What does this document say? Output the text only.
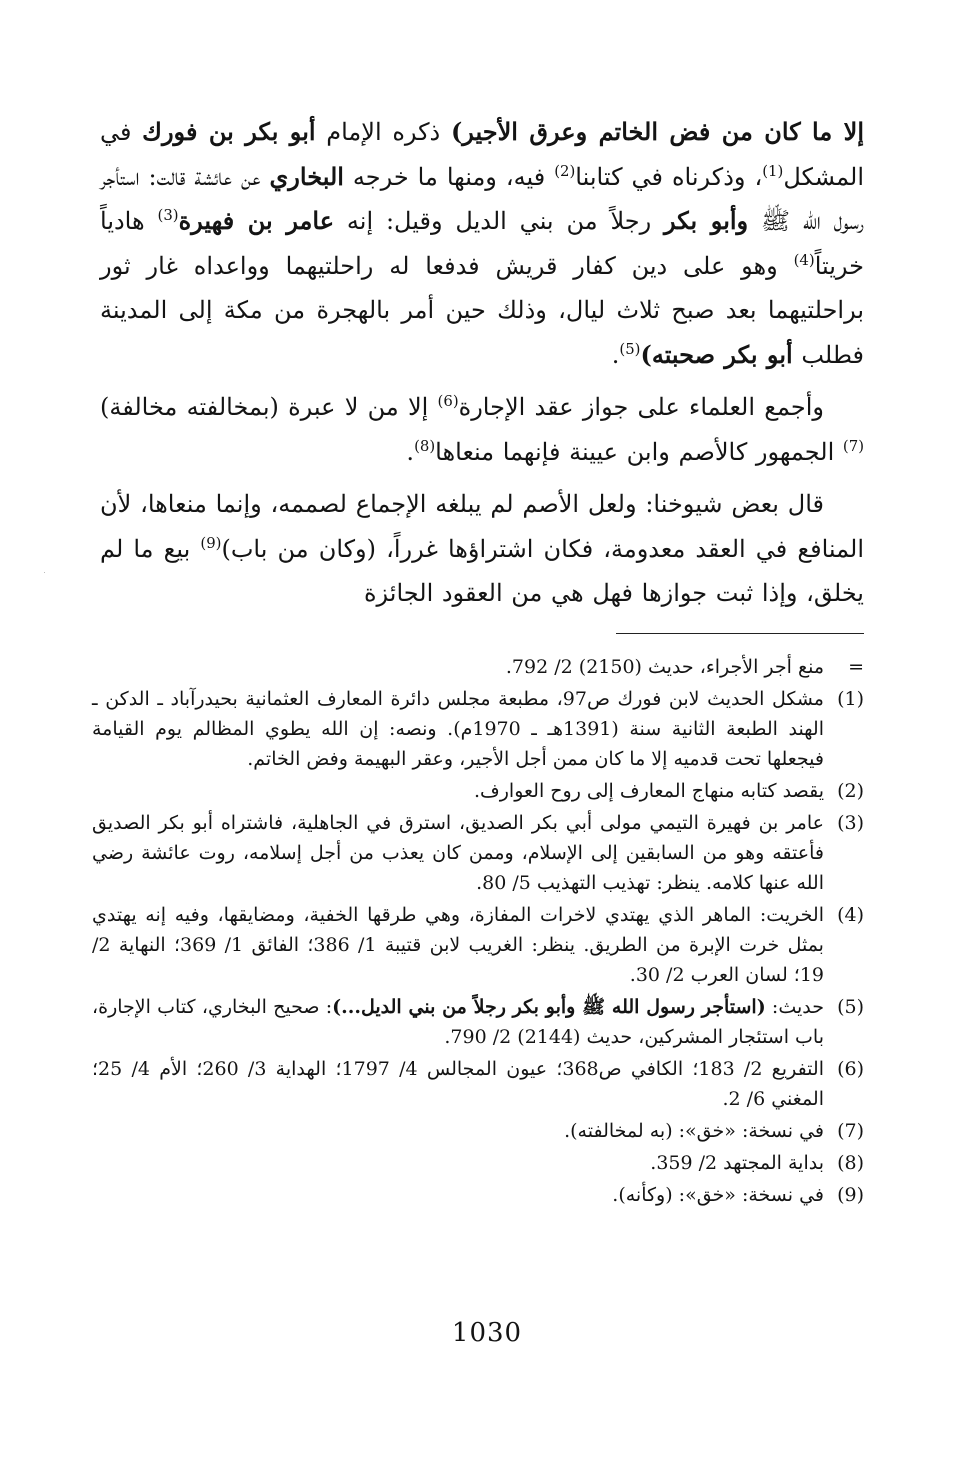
إلا ما كان من فض الخاتم وعرق الأجير) ذكره الإمام أبو بكر بن فورك في المشكل$^{(1)}$، وذكرناه في كتابنا$^{(2)}$ فيه، ومنها ما خرجه البخاري عن عائشة قالت: استأجر رسول الله ﷺ وأبو بكر رجلاً من بني الديل وقيل: إنه عامر بن فهيرة$^{(3)}$ هادياً خريتاً$^{(4)}$ وهو على دين كفار قريش فدفعا له راحلتيهما وواعداه غار ثور براحلتيهما بعد صبح ثلاث ليال، وذلك حين أمر بالهجرة من مكة إلى المدينة فطلب أبو بكر صحبته)$^{(5)}$.

وأجمع العلماء على جواز عقد الإجارة$^{(6)}$ إلا من لا عبرة (بمخالفته مخالفة)$^{(7)}$ الجمهور كالأصم وابن عيينة فإنهما منعاها$^{(8)}$.

قال بعض شيوخنا: ولعل الأصم لم يبلغه الإجماع لصممه، وإنما منعاها، لأن المنافع في العقد معدومة، فكان اشتراؤها غرراً، (وكان من باب)$^{(9)}$ بيع ما لم يخلق، وإذا ثبت جوازها فهل هي من العقود الجائزة

=
منع أجر الأجراء، حديث (2150) 2/ 792.
(1)
مشكل الحديث لابن فورك ص97، مطبعة مجلس دائرة المعارف العثمانية بحيدرآباد ـ الدكن ـ الهند الطبعة الثانية سنة (1391هـ ـ 1970م). ونصه: إن الله يطوي المظالم يوم القيامة فيجعلها تحت قدميه إلا ما كان ممن أجل الأجير، وعقر البهيمة وفض الخاتم.
(2)
يقصد كتابه منهاج المعارف إلى روح العوارف.
(3)
عامر بن فهيرة التيمي مولى أبي بكر الصديق، استرق في الجاهلية، فاشتراه أبو بكر الصديق فأعتقه وهو من السابقين إلى الإسلام، وممن كان يعذب من أجل إسلامه، روت عائشة رضي الله عنها كلامه. ينظر: تهذيب التهذيب 5/ 80.
(4)
الخريت: الماهر الذي يهتدي لاخرات المفازة، وهي طرقها الخفية، ومضايقها، وفيه إنه يهتدي بمثل خرت الإبرة من الطريق. ينظر: الغريب لابن قتيبة 1/ 386؛ الفائق 1/ 369؛ النهاية 2/ 19؛ لسان العرب 2/ 30.
(5)
حديث: (استأجر رسول الله ﷺ وأبو بكر رجلاً من بني الديل...): صحيح البخاري، كتاب الإجارة، باب استئجار المشركين، حديث (2144) 2/ 790.
(6)
التفريع 2/ 183؛ الكافي ص368؛ عيون المجالس 4/ 1797؛ الهداية 3/ 260؛ الأم 4/ 25؛ المغني 6/ 2.
(7)
في نسخة: «خق»: (به لمخالفته).
(8)
بداية المجتهد 2/ 359.
(9)
في نسخة: «خق»: (وكأنه).
1030
